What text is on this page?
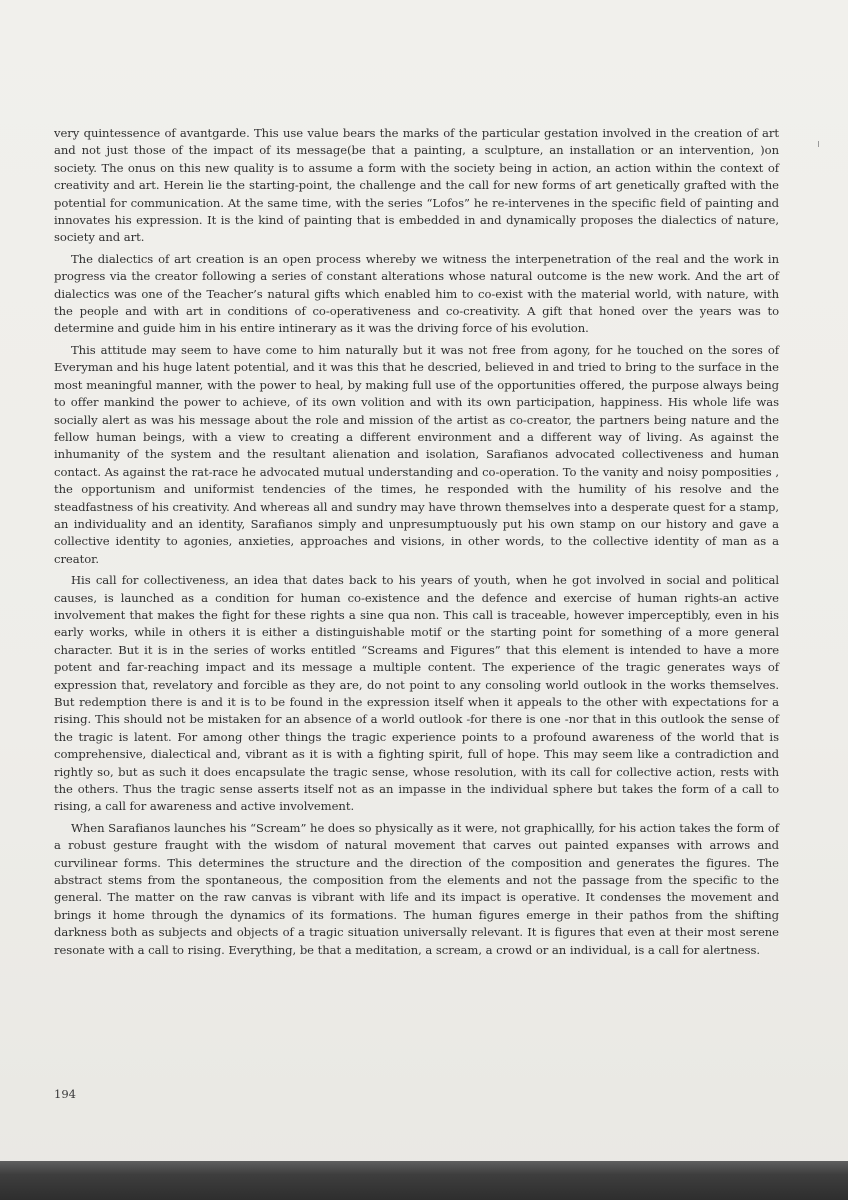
very quintessence of avantgarde. This use value bears the marks of the particular gestation involved in the creation of art and not just those of the impact of its message(be that a painting, a sculpture, an installation or an intervention, )on society. The onus on this new quality is to assume a form with the society being in action, an action within the context of creativity and art. Herein lie the starting-point, the challenge and the call for new forms of art genetically grafted with the potential for communication. At the same time, with the series “Lofos” he re-intervenes in the specific field of painting and innovates his expression. It is the kind of painting that is embedded in and dynamically proposes the dialectics of nature, society and art.

The dialectics of art creation is an open process whereby we witness the interpenetration of the real and the work in progress via the creator following a series of constant alterations whose natural outcome is the new work. And the art of dialectics was one of the Teacher’s natural gifts which enabled him to co-exist with the material world, with nature, with the people and with art in conditions of co-operativeness and co-creativity. A gift that honed over the years was to determine and guide him in his entire intinerary as it was the driving force of his evolution.

This attitude may seem to have come to him naturally but it was not free from agony, for he touched on the sores of Everyman and his huge latent potential, and it was this that he descried, believed in and tried to bring to the surface in the most meaningful manner, with the power to heal, by making full use of the opportunities offered, the purpose always being to offer mankind the power to achieve, of its own volition and with its own participation, happiness. His whole life was socially alert as was his message about the role and mission of the artist as co-creator, the partners being nature and the fellow human beings, with a view to creating a different environment and a different way of living. As against the inhumanity of the system and the resultant alienation and isolation, Sarafianos advocated collectiveness and human contact. As against the rat-race he advocated mutual understanding and co-operation. To the vanity and noisy pomposities , the opportunism and uniformist tendencies of the times, he responded with the humility of his resolve and the steadfastness of his creativity. And whereas all and sundry may have thrown themselves into a desperate quest for a stamp, an individuality and an identity, Sarafianos simply and unpresumptuously put his own stamp on our history and gave a collective identity to agonies, anxieties, approaches and visions, in other words, to the collective identity of man as a creator.

His call for collectiveness, an idea that dates back to his years of youth, when he got involved in social and political causes, is launched as a condition for human co-existence and the defence and exercise of human rights-an active involvement that makes the fight for these rights a sine qua non. This call is traceable, however imperceptibly, even in his early works, while in others it is either a distinguishable motif or the starting point for something of a more general character. But it is in the series of works entitled “Screams and Figures” that this element is intended to have a more potent and far-reaching impact and its message a multiple content. The experience of the tragic generates ways of expression that, revelatory and forcible as they are, do not point to any consoling world outlook in the works themselves. But redemption there is and it is to be found in the expression itself when it appeals to the other with expectations for a rising. This should not be mistaken for an absence of a world outlook -for there is one -nor that in this outlook the sense of the tragic is latent. For among other things the tragic experience points to a profound awareness of the world that is comprehensive, dialectical and, vibrant as it is with a fighting spirit, full of hope. This may seem like a contradiction and rightly so, but as such it does encapsulate the tragic sense, whose resolution, with its call for collective action, rests with the others. Thus the tragic sense asserts itself not as an impasse in the individual sphere but takes the form of a call to rising, a call for awareness and active involvement.

When Sarafianos launches his “Scream” he does so physically as it were, not graphicallly, for his action takes the form of a robust gesture fraught with the wisdom of natural movement that carves out painted expanses with arrows and curvilinear forms. This determines the structure and the direction of the composition and generates the figures. The abstract stems from the spontaneous, the composition from the elements and not the passage from the specific to the general. The matter on the raw canvas is vibrant with life and its impact is operative. It condenses the movement and brings it home through the dynamics of its formations. The human figures emerge in their pathos from the shifting darkness both as subjects and objects of a tragic situation universally relevant. It is figures that even at their most serene resonate with a call to rising. Everything, be that a meditation, a scream, a crowd or an individual, is a call for alertness.

194
